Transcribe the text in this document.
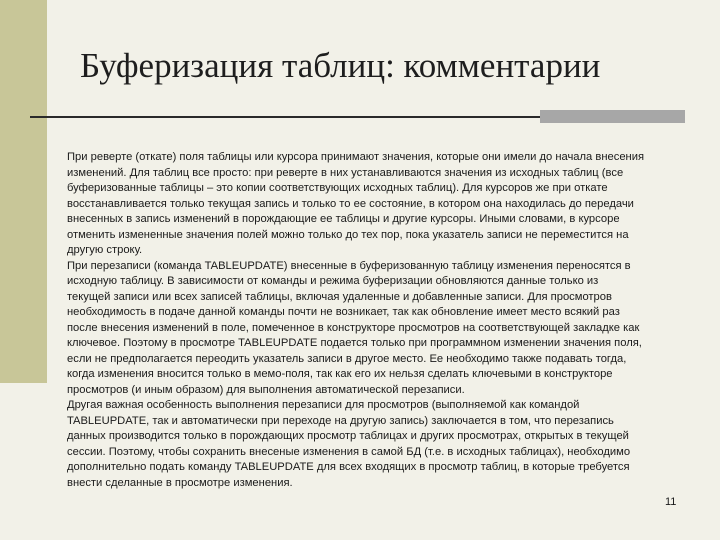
Буферизация таблиц: комментарии
При реверте (откате) поля таблицы или курсора принимают значения, которые они имели до начала внесения
изменений. Для таблиц все просто: при реверте в них устанавливаются значения из исходных таблиц (все
буферизованные таблицы – это копии соответствующих исходных таблиц). Для курсоров же при откате
восстанавливается только текущая запись и только то ее состояние, в котором она находилась до передачи
внесенных в запись изменений в порождающие ее таблицы и другие курсоры. Иными словами, в курсоре
отменить измененные значения полей можно только до тех пор, пока указатель записи не переместится на
другую строку.
При перезаписи (команда TABLEUPDATE) внесенные в буферизованную таблицу изменения переносятся в
исходную таблицу. В зависимости от команды и режима буферизации обновляются данные только из
текущей записи или всех записей таблицы, включая удаленные и добавленные записи. Для просмотров
необходимость в подаче данной команды почти не возникает, так как обновление имеет место всякий раз
после внесения изменений в поле, помеченное в конструкторе просмотров на соответствующей закладке как
ключевое. Поэтому в просмотре TABLEUPDATE подается только при программном изменении значения поля,
если не предполагается переодить указатель записи в другое место. Ее необходимо также подавать тогда,
когда изменения вносится только в мемо-поля, так как его их нельзя сделать ключевыми в конструкторе
просмотров (и иным образом) для выполнения автоматической перезаписи.
Другая важная особенность выполнения перезаписи для просмотров (выполняемой как командой
TABLEUPDATE, так и автоматически при переходе на другую запись) заключается в том, что перезапись
данных производится только в порождающих просмотр таблицах и других просмотрах, открытых в текущей
сессии. Поэтому, чтобы сохранить внесеные изменения в самой БД (т.е. в исходных таблицах), необходимо
дополнительно подать команду TABLEUPDATE для всех входящих в просмотр таблиц, в которые требуется
внести сделанные в просмотре изменения.
11
